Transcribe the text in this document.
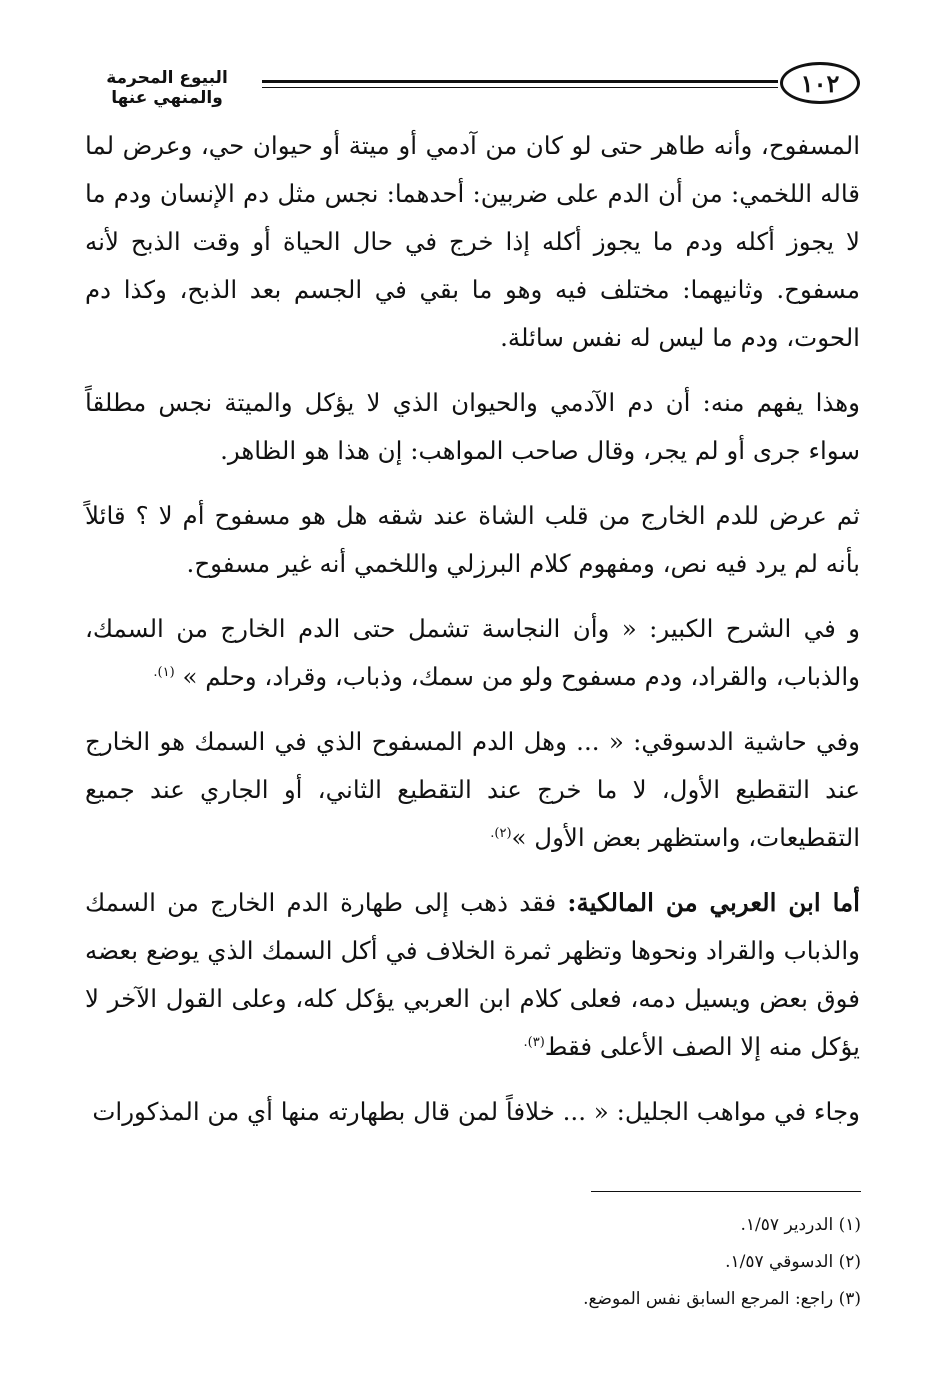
١٠٢
البيوع المحرمة والمنهي عنها

المسفوح، وأنه طاهر حتى لو كان من آدمي أو ميتة أو حيوان حي، وعرض لما قاله اللخمي: من أن الدم على ضربين: أحدهما: نجس مثل دم الإنسان ودم ما لا يجوز أكله ودم ما يجوز أكله إذا خرج في حال الحياة أو وقت الذبح لأنه مسفوح. وثانيهما: مختلف فيه وهو ما بقي في الجسم بعد الذبح، وكذا دم الحوت، ودم ما ليس له نفس سائلة.

وهذا يفهم منه: أن دم الآدمي والحيوان الذي لا يؤكل والميتة نجس مطلقاً سواء جرى أو لم يجر، وقال صاحب المواهب: إن هذا هو الظاهر.

ثم عرض للدم الخارج من قلب الشاة عند شقه هل هو مسفوح أم لا ؟ قائلاً بأنه لم يرد فيه نص، ومفهوم كلام البرزلي واللخمي أنه غير مسفوح.

و في الشرح الكبير: « وأن النجاسة تشمل حتى الدم الخارج من السمك، والذباب، والقراد، ودم مسفوح ولو من سمك، وذباب، وقراد، وحلم » $^{(١).}$

وفي حاشية الدسوقي: « ... وهل الدم المسفوح الذي في السمك هو الخارج عند التقطيع الأول، لا ما خرج عند التقطيع الثاني، أو الجاري عند جميع التقطيعات، واستظهر بعض الأول »$^{(٢).}$

أما ابن العربي من المالكية: فقد ذهب إلى طهارة الدم الخارج من السمك والذباب والقراد ونحوها وتظهر ثمرة الخلاف في أكل السمك الذي يوضع بعضه فوق بعض ويسيل دمه، فعلى كلام ابن العربي يؤكل كله، وعلى القول الآخر لا يؤكل منه إلا الصف الأعلى فقط$^{(٣).}$

وجاء في مواهب الجليل: « ... خلافاً لمن قال بطهارته منها أي من المذكورات

(١) الدردير ١/٥٧.

(٢) الدسوقي ١/٥٧.

(٣) راجع: المرجع السابق نفس الموضع.
